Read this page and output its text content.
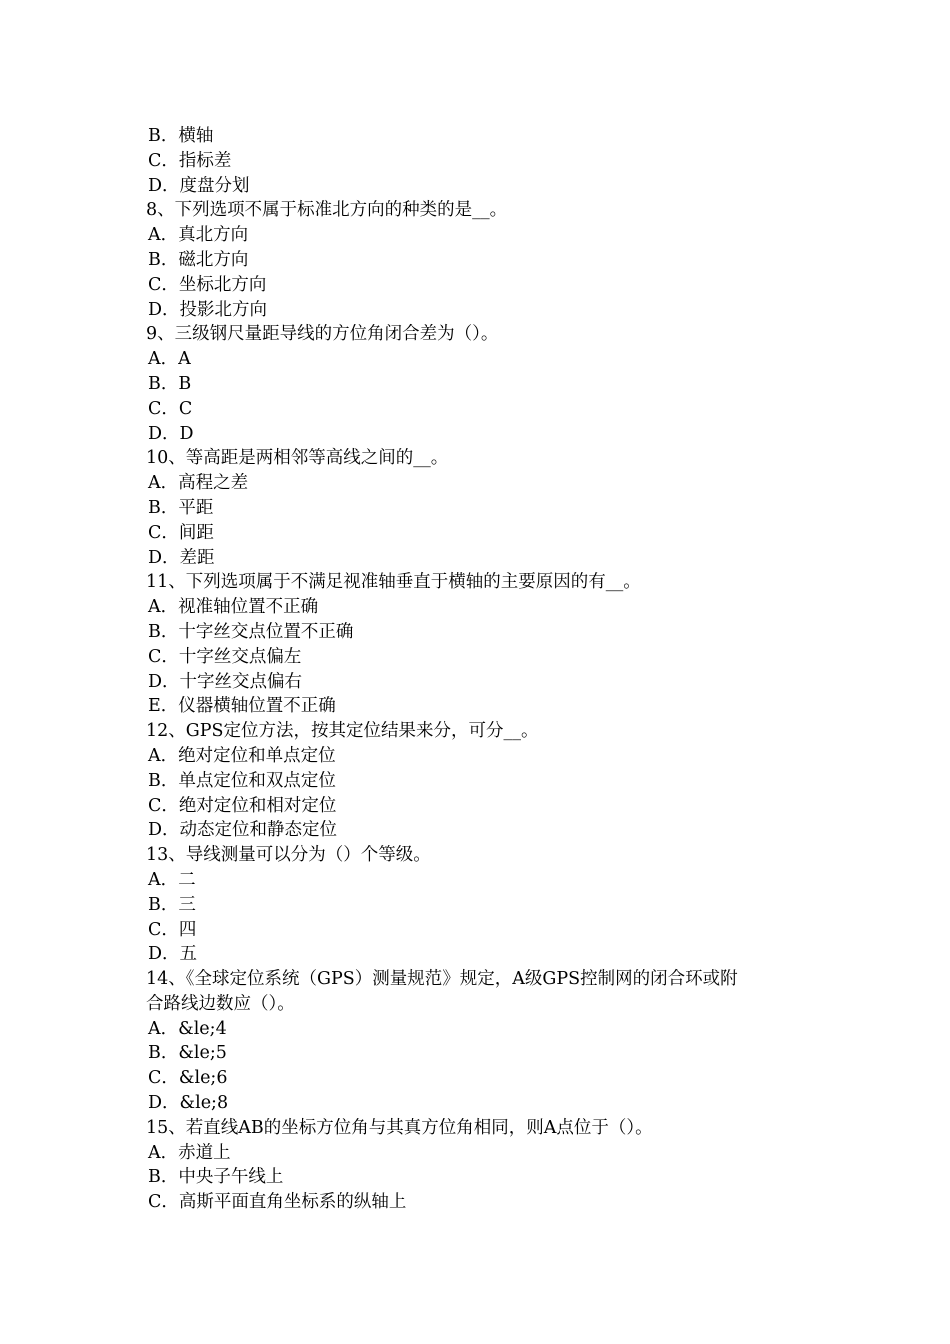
B．横轴
C．指标差
D．度盘分划
8、下列选项不属于标准北方向的种类的是__。
A．真北方向
B．磁北方向
C．坐标北方向
D．投影北方向
9、三级钢尺量距导线的方位角闭合差为（）。
A．A
B．B
C．C
D．D
10、等高距是两相邻等高线之间的__。
A．高程之差
B．平距
C．间距
D．差距
11、下列选项属于不满足视准轴垂直于横轴的主要原因的有__。
A．视准轴位置不正确
B．十字丝交点位置不正确
C．十字丝交点偏左
D．十字丝交点偏右
E．仪器横轴位置不正确
12、GPS定位方法，按其定位结果来分，可分__。
A．绝对定位和单点定位
B．单点定位和双点定位
C．绝对定位和相对定位
D．动态定位和静态定位
13、导线测量可以分为（）个等级。
A．二
B．三
C．四
D．五
14、《全球定位系统（GPS）测量规范》规定，A级GPS控制网的闭合环或附
合路线边数应（）。
A．&le;4
B．&le;5
C．&le;6
D．&le;8
15、若直线AB的坐标方位角与其真方位角相同，则A点位于（）。
A．赤道上
B．中央子午线上
C．高斯平面直角坐标系的纵轴上
